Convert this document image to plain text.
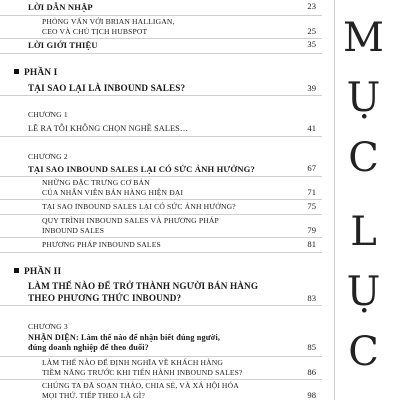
LỜI DẪN NHẬP	23
PHỎNG VẤN VỚI BRIAN HALLIGAN,
CEO VÀ CHỦ TỊCH HUBSPOT	25
LỜI GIỚI THIỆU	35
PHẦN I
TẠI SAO LẠI LÀ INBOUND SALES?	39
CHƯƠNG 1
LẼ RA TÔI KHÔNG CHỌN NGHỀ SALES…	41
CHƯƠNG 2
TẠI SAO INBOUND SALES LẠI CÓ SỨC ẢNH HƯỞNG?	67
NHỮNG ĐẶC TRƯNG CƠ BẢN
CỦA NHÂN VIÊN BÁN HÀNG HIỆN ĐẠI	71
TẠI SAO INBOUND SALES LẠI CÓ SỨC ẢNH HƯỞNG?	75
QUY TRÌNH INBOUND SALES VÀ PHƯƠNG PHÁP
INBOUND SALES	79
PHƯƠNG PHÁP INBOUND SALES	81
PHẦN II
LÀM THẾ NÀO ĐỂ TRỞ THÀNH NGƯỜI BÁN HÀNG
THEO PHƯƠNG THỨC INBOUND?	83
CHƯƠNG 3
NHẬN DIỆN: Làm thế nào để nhận biết đúng người,
đúng doanh nghiệp để theo đuổi?	85
LÀM THẾ NÀO ĐỂ ĐỊNH NGHĨA VỀ KHÁCH HÀNG
TIỀM NĂNG TRƯỚC KHI TIẾN HÀNH INBOUND SALES?	86
CHÚNG TA ĐÃ SOẠN THẢO, CHIA SẺ, VÀ XÁ HỘI HÓA
MỌI THỨ. TIẾP THEO LÀ GÌ?	98
M
Ụ
C
L
Ụ
C
